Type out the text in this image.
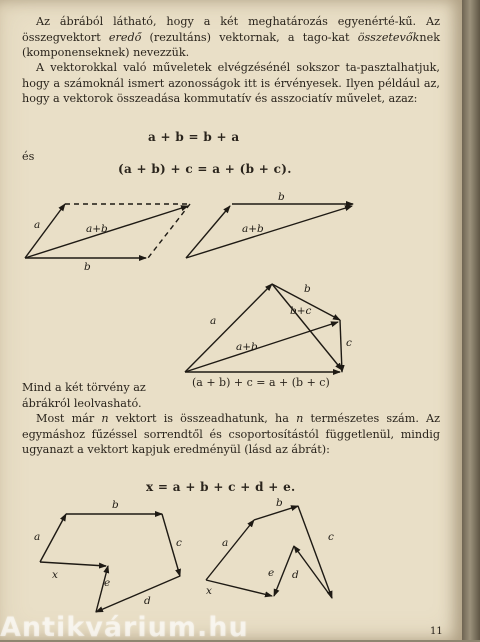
Az ábrából látható, hogy a két meghatározás egyenérté-kű. Az összegvektort eredő (rezultáns) vektornak, a tago-kat összetevőknek (komponenseknek) nevezzük.

A vektorokkal való műveletek elvégzésénél sokszor ta-pasztalhatjuk, hogy a számoknál ismert azonosságok itt is érvényesek. Ilyen például az, hogy a vektorok összeadása kommutatív és asszociatív művelet, azaz:

a + b = b + a
és
(a + b) + c = a + (b + c).
a	a+b
b
b
a+b
a
b
b+c
a+b	c
a
b
c
d
e
x
a
b
c
d
e
x
(a + b) + c = a + (b + c)

Mind a két törvény az ábrákról leolvasható.

Most már n vektort is összeadhatunk, ha n természetes szám. Az egymáshoz fűzéssel sorrendtől és csoportosítástól függetlenül, mindig ugyanazt a vektort kapjuk eredményül (lásd az ábrát):

x = a + b + c + d + e.
Antikvárium.hu	11
